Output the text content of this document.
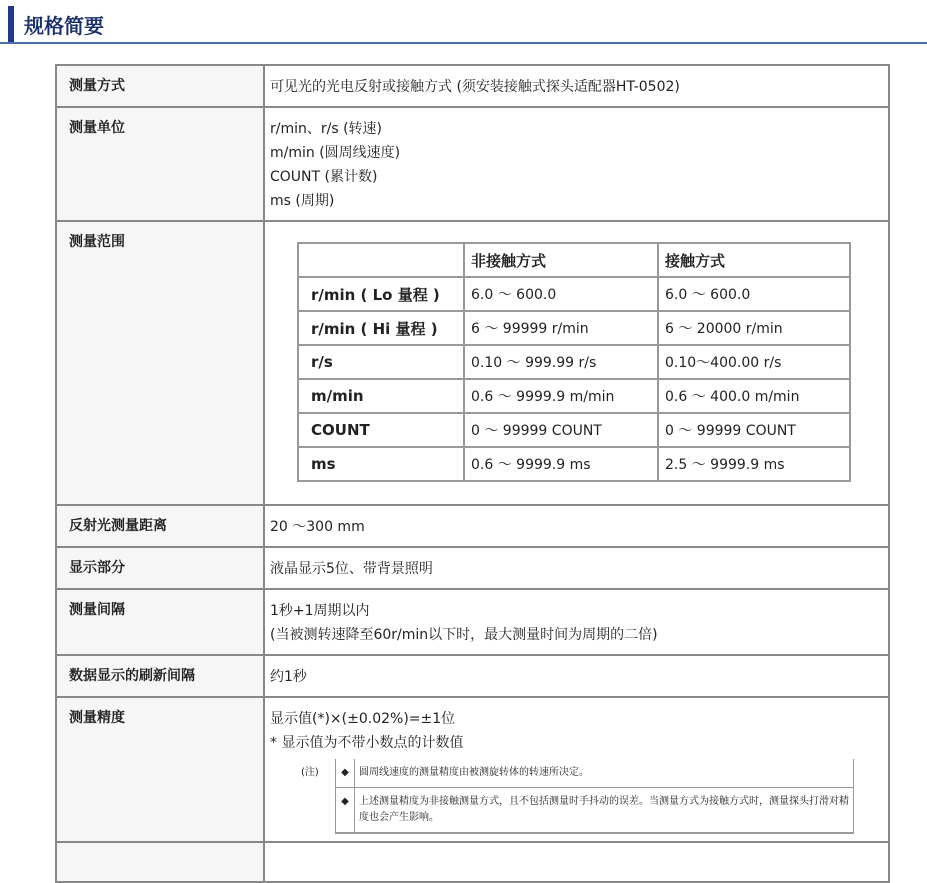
规格简要
测量方式	可见光的光电反射或接触方式 (须安装接触式探头适配器HT-0502)

测量单位	r/min、r/s (转速)
m/min (圆周线速度)
COUNT (累计数)
ms (周期)

测量范围	
	非接触方式	接触方式
r/min ( Lo 量程 )	6.0 ～ 600.0	6.0 ～ 600.0
r/min ( Hi 量程 )	6 ～ 99999 r/min	6 ～ 20000 r/min
r/s	0.10 ～ 999.99 r/s	0.10～400.00 r/s
m/min	0.6 ～ 9999.9 m/min	0.6 ～ 400.0 m/min
COUNT	0 ～ 99999 COUNT	0 ～ 99999 COUNT
ms	0.6 ～ 9999.9 ms	2.5 ～ 9999.9 ms

反射光测量距离	20 ～300 mm

显示部分	液晶显示5位、带背景照明

测量间隔	1秒+1周期以内
(当被测转速降至60r/min以下时，最大测量时间为周期的二倍)

数据显示的刷新间隔	约1秒

测量精度	显示值(*)×(±0.02%)=±1位
* 显示值为不带小数点的计数值
(注)	◆	圆周线速度的测量精度由被测旋转体的转速所决定。
	◆	上述测量精度为非接触测量方式，且不包括测量时手抖动的误差。当测量方式为接触方式时，测量探头打滑对精度也会产生影响。
